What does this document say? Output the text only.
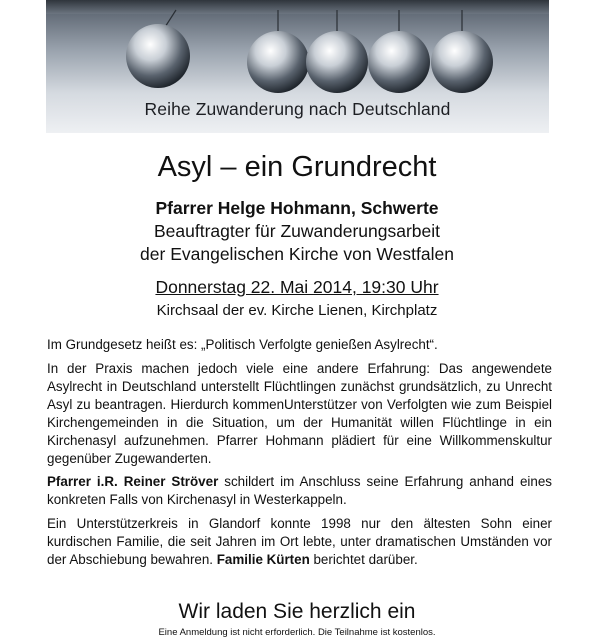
Reihe Zuwanderung nach Deutschland
Asyl – ein Grundrecht
Pfarrer Helge Hohmann, Schwerte
Beauftragter für Zuwanderungsarbeit
der Evangelischen Kirche von Westfalen
Donnerstag 22. Mai 2014, 19:30 Uhr
Kirchsaal der ev. Kirche Lienen, Kirchplatz
Im Grundgesetz heißt es: „Politisch Verfolgte genießen Asylrecht“.
In der Praxis machen jedoch viele eine andere Erfahrung: Das angewendete Asylrecht in Deutschland unterstellt Flüchtlingen zunächst grundsätzlich, zu Unrecht Asyl zu beantragen. Hierdurch kommenUnterstützer von Verfolgten wie zum Beispiel Kirchengemeinden in die Situation, um der Humanität willen Flüchtlinge in ein Kirchenasyl aufzunehmen. Pfarrer Hohmann plädiert für eine Willkommenskultur gegenüber Zugewanderten.
Pfarrer i.R. Reiner Ströver schildert im Anschluss seine Erfahrung anhand eines konkreten Falls von Kirchenasyl in Westerkappeln.
Ein Unterstützerkreis in Glandorf konnte 1998 nur den ältesten Sohn einer kurdischen Familie, die seit Jahren im Ort lebte, unter dramatischen Umständen vor der Abschiebung bewahren. Familie Kürten berichtet darüber.
Wir laden Sie herzlich ein
Eine Anmeldung ist nicht erforderlich. Die Teilnahme ist kostenlos.
